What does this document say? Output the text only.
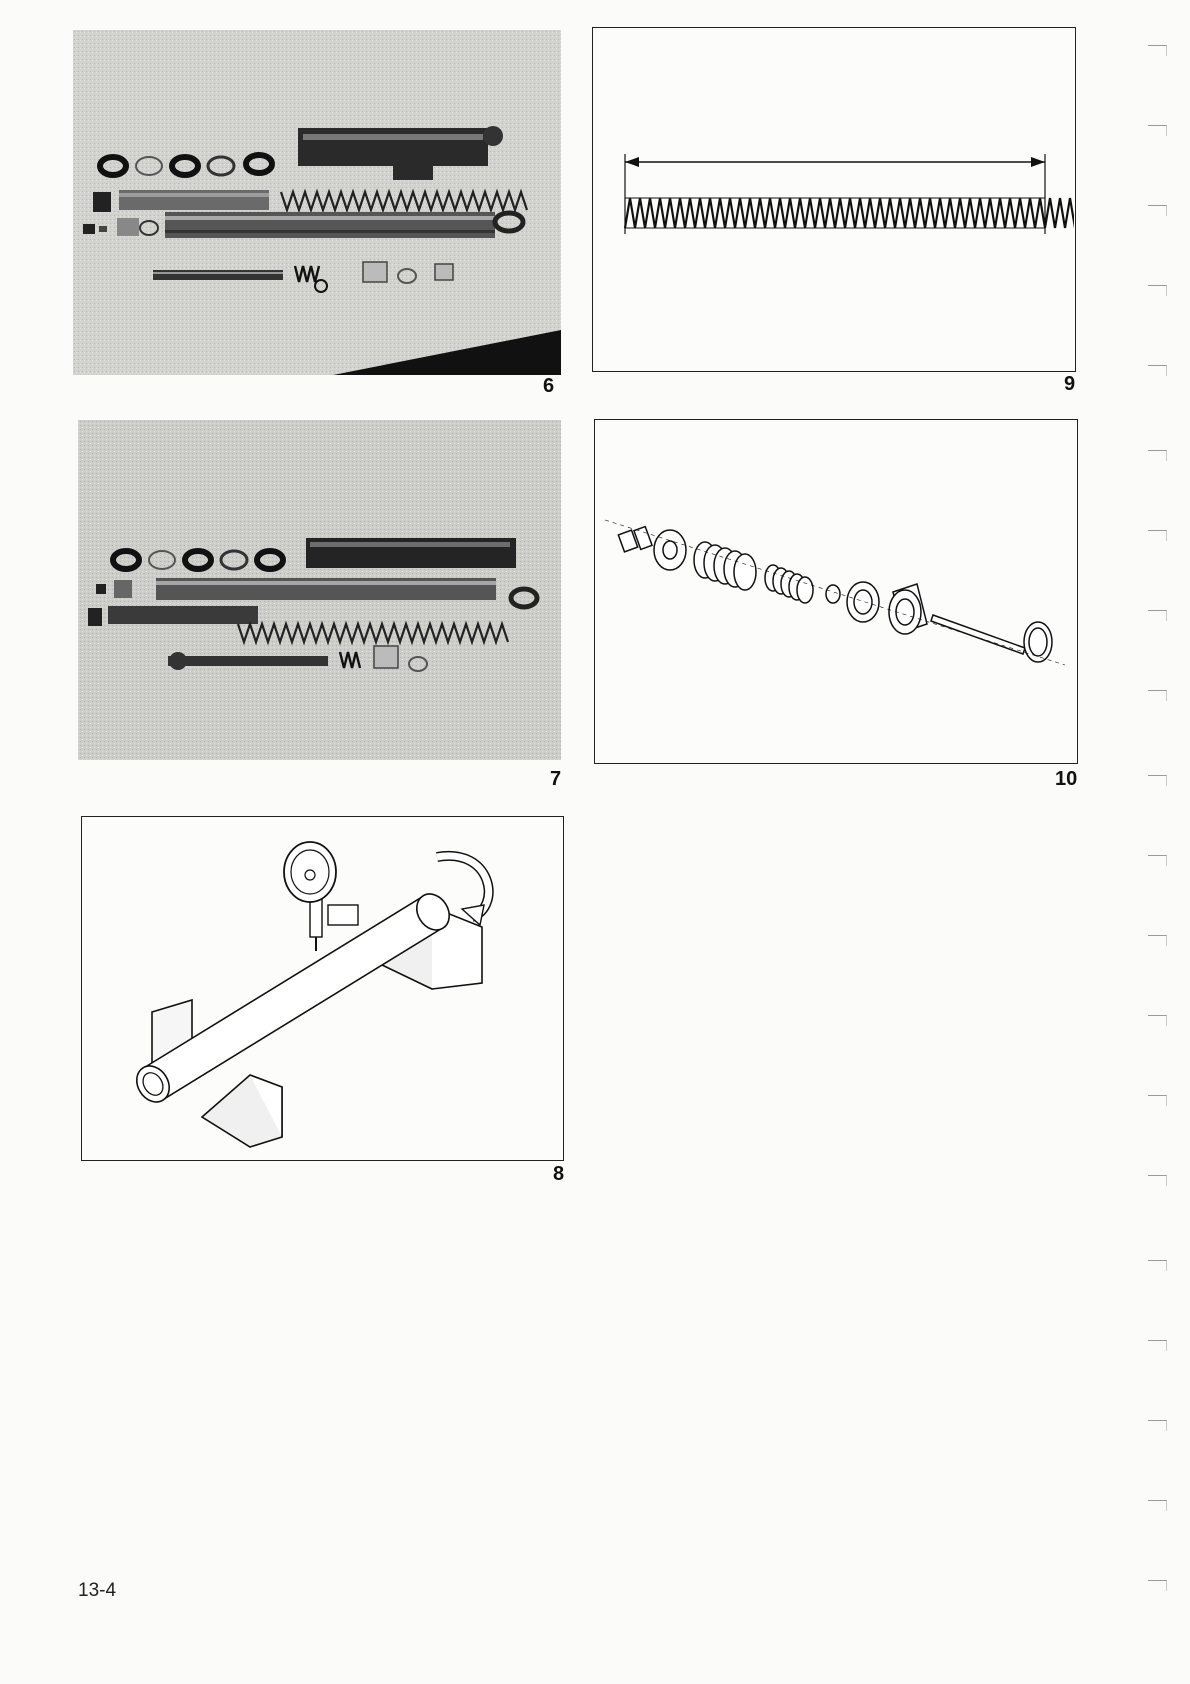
6
7
8
9
10
13-4
